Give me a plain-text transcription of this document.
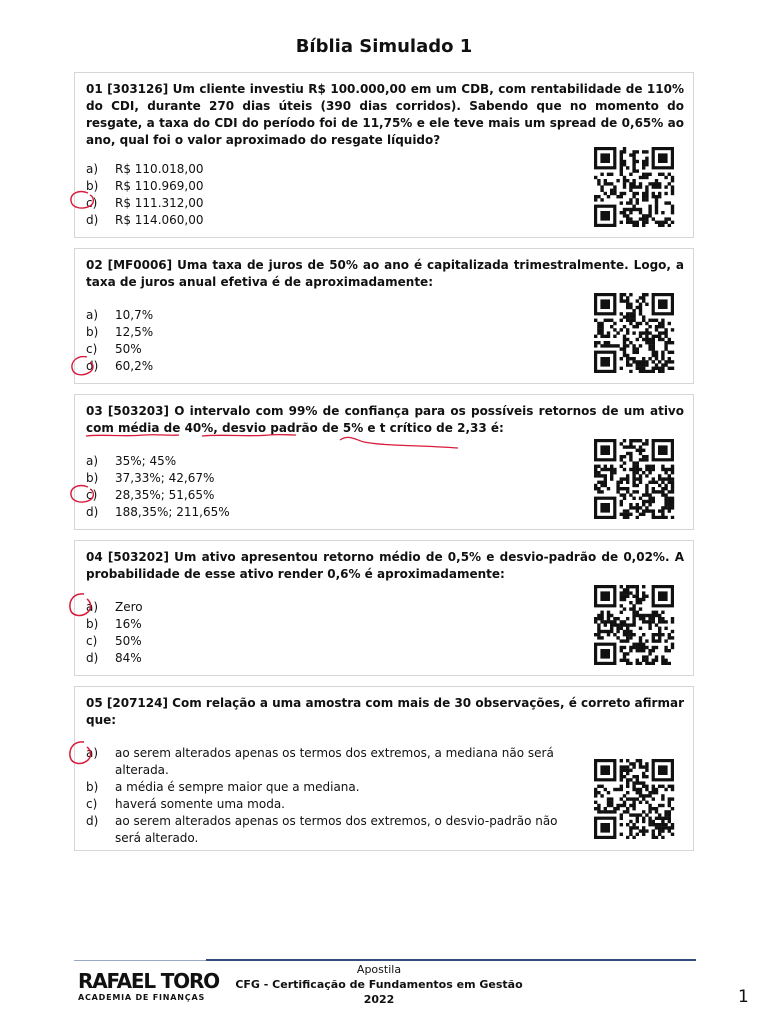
Bíblia Simulado 1
01 [303126] Um cliente investiu R$ 100.000,00 em um CDB, com rentabilidade de 110% do CDI, durante 270 dias úteis (390 dias corridos). Sabendo que no momento do resgate, a taxa do CDI do período foi de 11,75% e ele teve mais um spread de 0,65% ao ano, qual foi o valor aproximado do resgate líquido?
a)	R$ 110.018,00
b)	R$ 110.969,00
c)	R$ 111.312,00
d)	R$ 114.060,00
02 [MF0006] Uma taxa de juros de 50% ao ano é capitalizada trimestralmente. Logo, a taxa de juros anual efetiva é de aproximadamente:
a)	10,7%
b)	12,5%
c)	50%
d)	60,2%
03 [503203] O intervalo com 99% de confiança para os possíveis retornos de um ativo com média de 40%, desvio padrão de 5% e t crítico de 2,33 é:
a)	35%; 45%
b)	37,33%; 42,67%
c)	28,35%; 51,65%
d)	188,35%; 211,65%
04 [503202] Um ativo apresentou retorno médio de 0,5% e desvio-padrão de 0,02%. A probabilidade de esse ativo render 0,6% é aproximadamente:
a)	Zero
b)	16%
c)	50%
d)	84%
05 [207124] Com relação a uma amostra com mais de 30 observações, é correto afirmar que:
a)	ao serem alterados apenas os termos dos extremos, a mediana não será alterada.
b)	a média é sempre maior que a mediana.
c)	haverá somente uma moda.
d)	ao serem alterados apenas os termos dos extremos, o desvio-padrão não será alterado.
RAFAEL TORO
ACADEMIA DE FINANÇAS
Apostila
CFG - Certificação de Fundamentos em Gestão
2022	1
